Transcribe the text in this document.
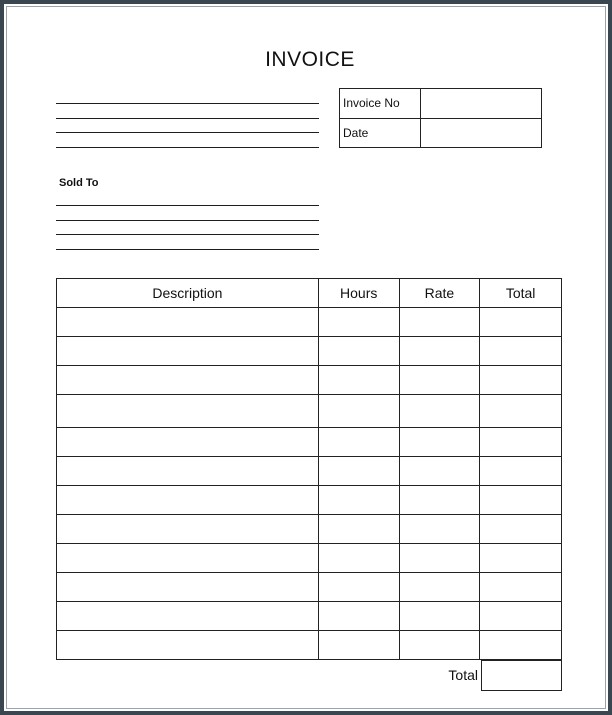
INVOICE
Invoice No	
Date	
Sold To
Description	Hours	Rate	Total

Total
